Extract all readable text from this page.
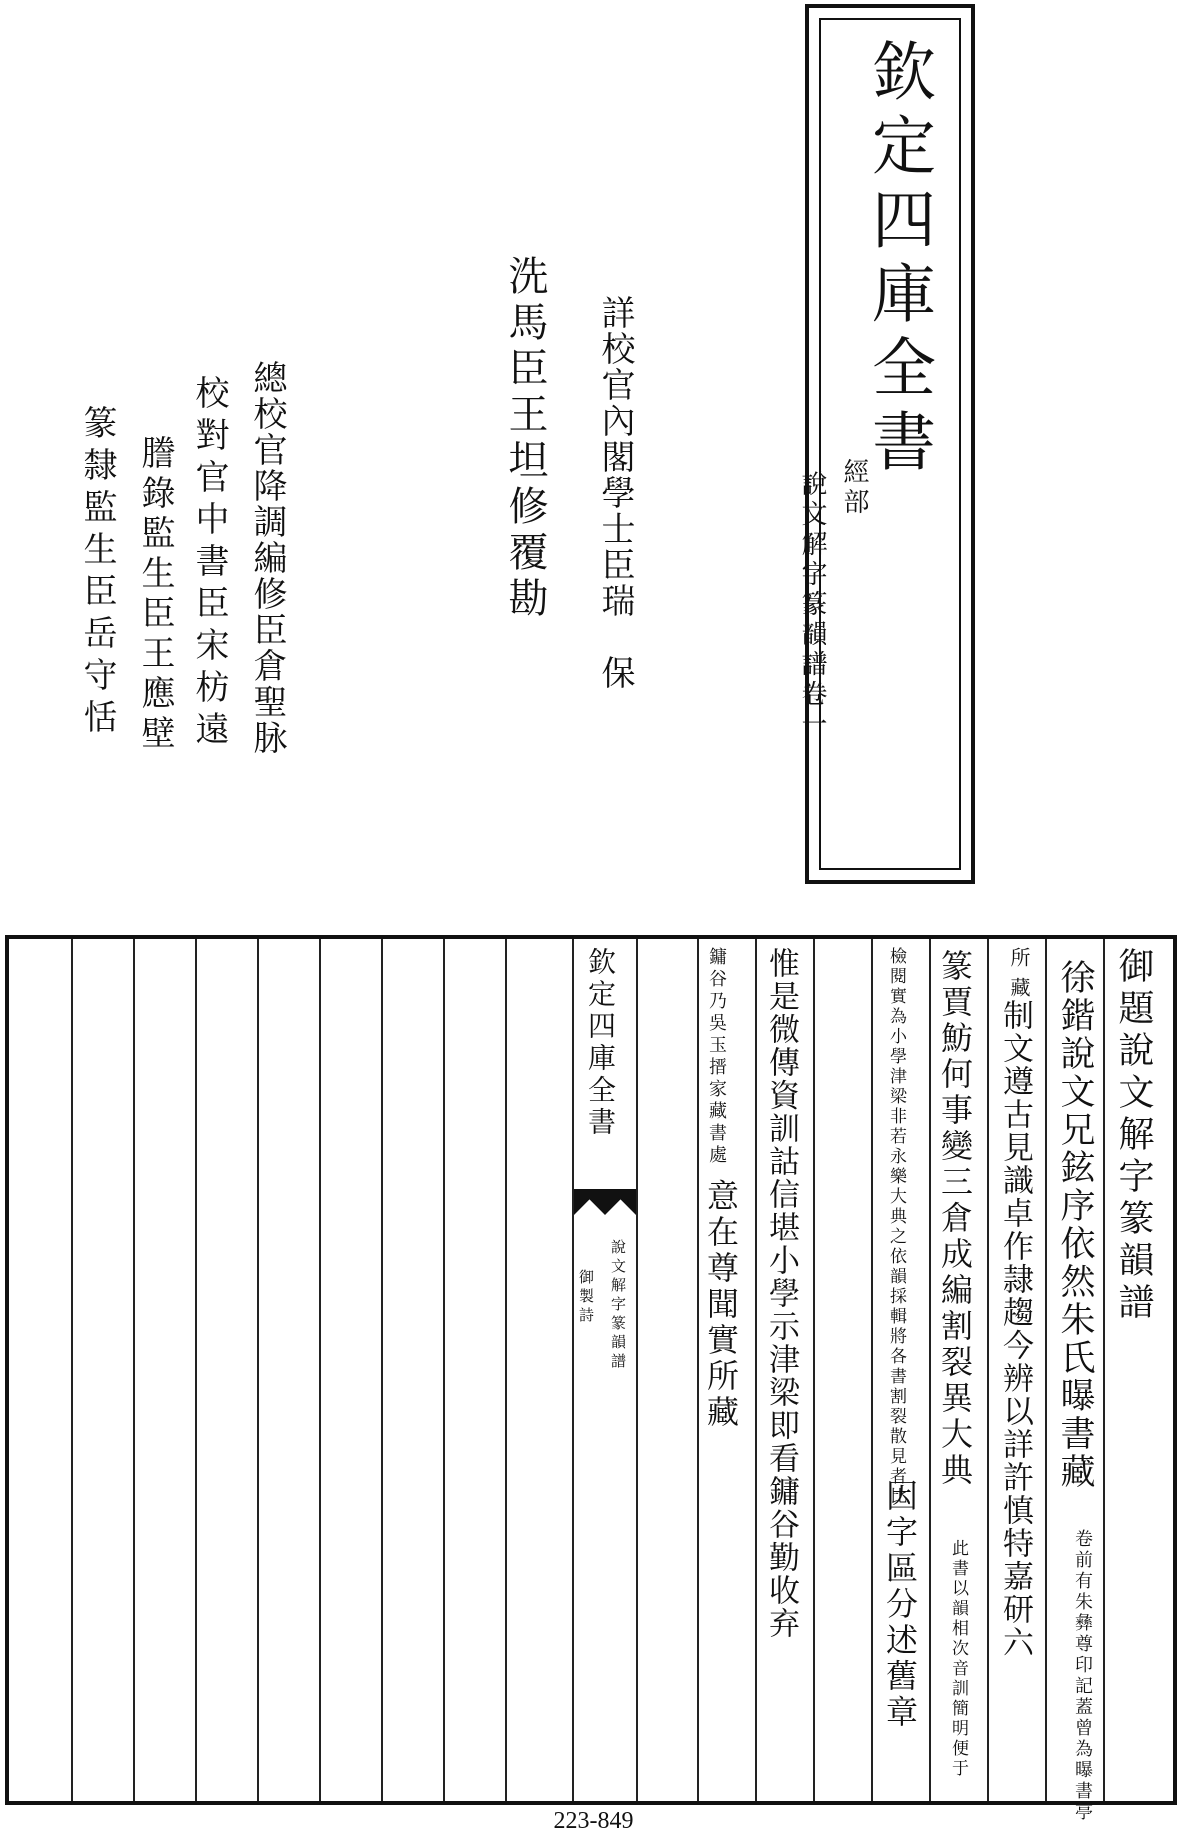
欽定四庫全書
經部
說文解字篆韻譜卷一
詳校官內閣學士臣瑞　保
洗馬臣王坦修覆勘
總校官降調編修臣倉聖脉
校對官中書臣宋枋遠
謄錄監生臣王應壁
篆隸監生臣岳守恬
欽定四庫全書
說文解字篆韻譜
御製詩	御題說文解字篆韻譜
徐鍇說文兄鉉序依然朱氏曝書藏
卷前有朱彝尊印記蓋曾為曝書亭
所藏
制文遵古見識卓作隷趨今辨以詳許慎特嘉研六
篆賈魴何事變三倉成編割裂異大典
此書以韻相次音訓簡明便于
檢閱實為小學津梁非若永樂大典之依韻採輯將各書割裂散見者比
因字區分述舊章
惟是微傳資訓詁信堪小學示津梁即看鏞谷勤收弃
鏞谷乃吳玉搢家藏書處
意在尊聞實所藏
223-849
